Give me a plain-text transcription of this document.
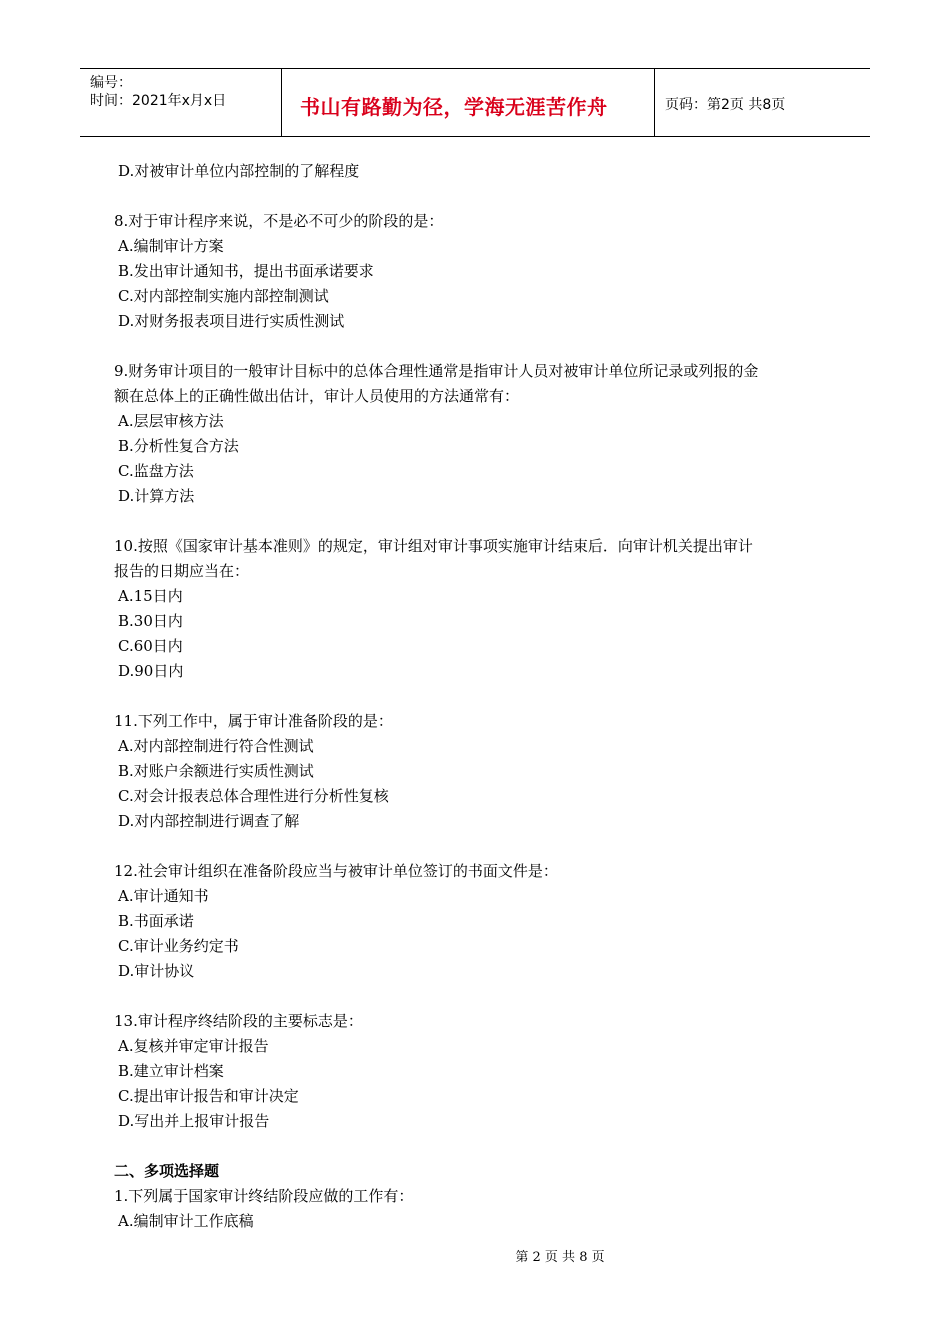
编号：
时间：2021年x月x日	书山有路勤为径，学海无涯苦作舟	页码：第2页 共8页
D.对被审计单位内部控制的了解程度
8.对于审计程序来说，不是必不可少的阶段的是：
A.编制审计方案
B.发出审计通知书，提出书面承诺要求
C.对内部控制实施内部控制测试
D.对财务报表项目进行实质性测试
9.财务审计项目的一般审计目标中的总体合理性通常是指审计人员对被审计单位所记录或列报的金
额在总体上的正确性做出估计，审计人员使用的方法通常有：
A.层层审核方法
B.分析性复合方法
C.监盘方法
D.计算方法
10.按照《国家审计基本准则》的规定，审计组对审计事项实施审计结束后．向审计机关提出审计
报告的日期应当在：
A.15日内
B.30日内
C.60日内
D.90日内
11.下列工作中，属于审计准备阶段的是：
A.对内部控制进行符合性测试
B.对账户余额进行实质性测试
C.对会计报表总体合理性进行分析性复核
D.对内部控制进行调查了解
12.社会审计组织在准备阶段应当与被审计单位签订的书面文件是：
A.审计通知书
B.书面承诺
C.审计业务约定书
D.审计协议
13.审计程序终结阶段的主要标志是：
A.复核并审定审计报告
B.建立审计档案
C.提出审计报告和审计决定
D.写出并上报审计报告
二、多项选择题
1.下列属于国家审计终结阶段应做的工作有：
A.编制审计工作底稿
第 2 页 共 8 页
